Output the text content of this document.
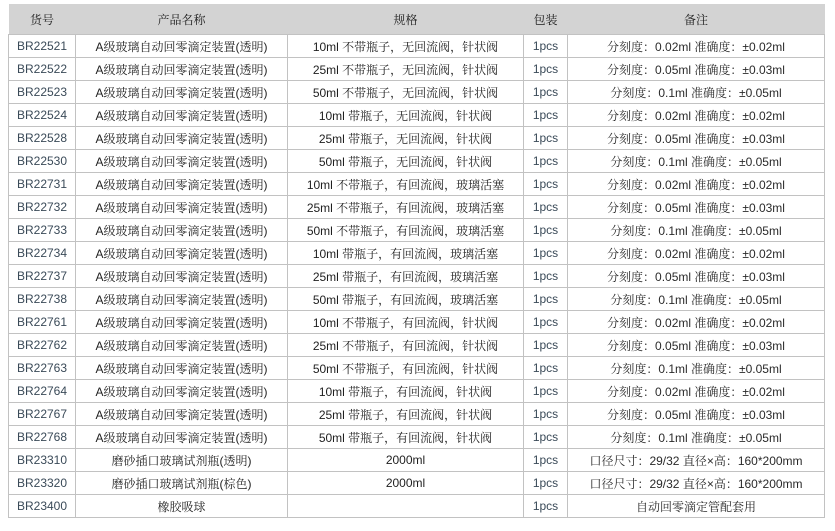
货号	产品名称	规格	包装	备注
BR22521	A级玻璃自动回零滴定装置(透明)	10ml 不带瓶子，无回流阀，针状阀	1pcs	分刻度：0.02ml 准确度：±0.02ml
BR22522	A级玻璃自动回零滴定装置(透明)	25ml 不带瓶子，无回流阀，针状阀	1pcs	分刻度：0.05ml 准确度：±0.03ml
BR22523	A级玻璃自动回零滴定装置(透明)	50ml 不带瓶子，无回流阀，针状阀	1pcs	分刻度：0.1ml 准确度：±0.05ml
BR22524	A级玻璃自动回零滴定装置(透明)	10ml 带瓶子，无回流阀，针状阀	1pcs	分刻度：0.02ml 准确度：±0.02ml
BR22528	A级玻璃自动回零滴定装置(透明)	25ml 带瓶子，无回流阀，针状阀	1pcs	分刻度：0.05ml 准确度：±0.03ml
BR22530	A级玻璃自动回零滴定装置(透明)	50ml 带瓶子，无回流阀，针状阀	1pcs	分刻度：0.1ml 准确度：±0.05ml
BR22731	A级玻璃自动回零滴定装置(透明)	10ml 不带瓶子，有回流阀，玻璃活塞	1pcs	分刻度：0.02ml 准确度：±0.02ml
BR22732	A级玻璃自动回零滴定装置(透明)	25ml 不带瓶子，有回流阀，玻璃活塞	1pcs	分刻度：0.05ml 准确度：±0.03ml
BR22733	A级玻璃自动回零滴定装置(透明)	50ml 不带瓶子，有回流阀，玻璃活塞	1pcs	分刻度：0.1ml 准确度：±0.05ml
BR22734	A级玻璃自动回零滴定装置(透明)	10ml 带瓶子，有回流阀，玻璃活塞	1pcs	分刻度：0.02ml 准确度：±0.02ml
BR22737	A级玻璃自动回零滴定装置(透明)	25ml 带瓶子，有回流阀，玻璃活塞	1pcs	分刻度：0.05ml 准确度：±0.03ml
BR22738	A级玻璃自动回零滴定装置(透明)	50ml 带瓶子，有回流阀，玻璃活塞	1pcs	分刻度：0.1ml 准确度：±0.05ml
BR22761	A级玻璃自动回零滴定装置(透明)	10ml 不带瓶子，有回流阀，针状阀	1pcs	分刻度：0.02ml 准确度：±0.02ml
BR22762	A级玻璃自动回零滴定装置(透明)	25ml 不带瓶子，有回流阀，针状阀	1pcs	分刻度：0.05ml 准确度：±0.03ml
BR22763	A级玻璃自动回零滴定装置(透明)	50ml 不带瓶子，有回流阀，针状阀	1pcs	分刻度：0.1ml 准确度：±0.05ml
BR22764	A级玻璃自动回零滴定装置(透明)	10ml 带瓶子，有回流阀，针状阀	1pcs	分刻度：0.02ml 准确度：±0.02ml
BR22767	A级玻璃自动回零滴定装置(透明)	25ml 带瓶子，有回流阀，针状阀	1pcs	分刻度：0.05ml 准确度：±0.03ml
BR22768	A级玻璃自动回零滴定装置(透明)	50ml 带瓶子，有回流阀，针状阀	1pcs	分刻度：0.1ml 准确度：±0.05ml
BR23310	磨砂插口玻璃试剂瓶(透明)	2000ml	1pcs	口径尺寸：29/32 直径×高：160*200mm
BR23320	磨砂插口玻璃试剂瓶(棕色)	2000ml	1pcs	口径尺寸：29/32 直径×高：160*200mm
BR23400	橡胶吸球		1pcs	自动回零滴定管配套用
